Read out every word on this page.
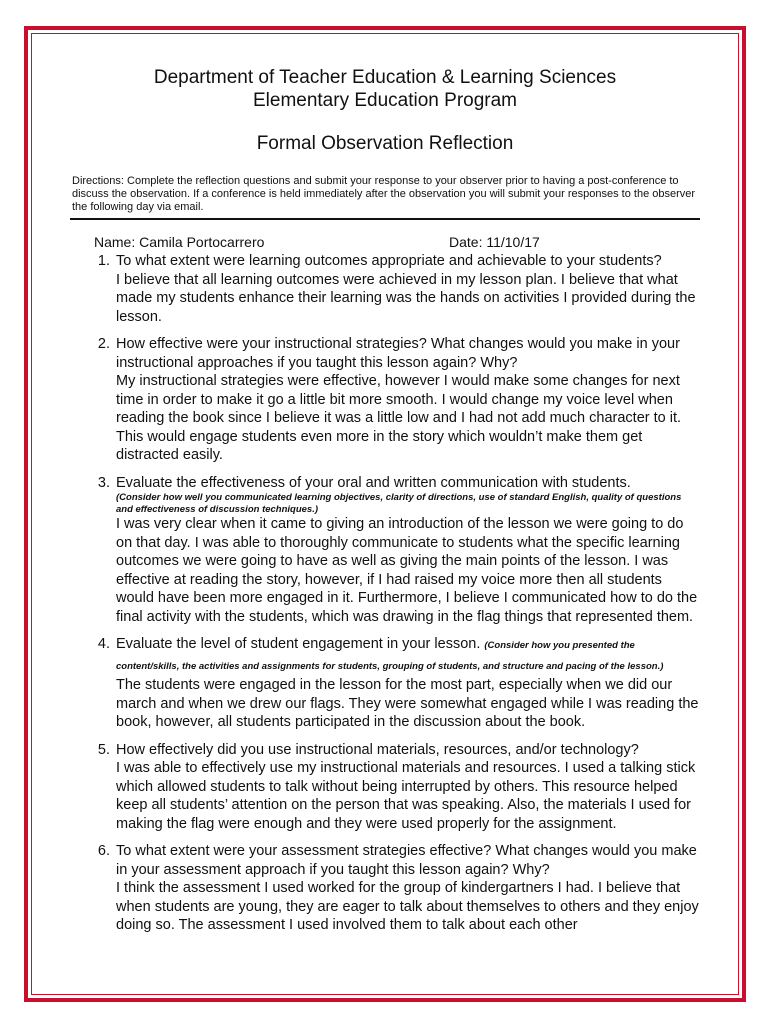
Department of Teacher Education & Learning Sciences
Elementary Education Program
Formal Observation Reflection
Directions: Complete the reflection questions and submit your response to your observer prior to having a post-conference to discuss the observation. If a conference is held immediately after the observation you will submit your responses to the observer the following day via email.
Name: Camila Portocarrero	Date: 11/10/17
1. To what extent were learning outcomes appropriate and achievable to your students?
I believe that all learning outcomes were achieved in my lesson plan. I believe that what made my students enhance their learning was the hands on activities I provided during the lesson.
2. How effective were your instructional strategies? What changes would you make in your instructional approaches if you taught this lesson again? Why?
My instructional strategies were effective, however I would make some changes for next time in order to make it go a little bit more smooth. I would change my voice level when reading the book since I believe it was a little low and I had not add much character to it. This would engage students even more in the story which wouldn’t make them get distracted easily.
3. Evaluate the effectiveness of your oral and written communication with students.
(Consider how well you communicated learning objectives, clarity of directions, use of standard English, quality of questions and effectiveness of discussion techniques.)
I was very clear when it came to giving an introduction of the lesson we were going to do on that day. I was able to thoroughly communicate to students what the specific learning outcomes we were going to have as well as giving the main points of the lesson. I was effective at reading the story, however, if I had raised my voice more then all students would have been more engaged in it. Furthermore, I believe I communicated how to do the final activity with the students, which was drawing in the flag things that represented them.
4. Evaluate the level of student engagement in your lesson. (Consider how you presented the content/skills, the activities and assignments for students, grouping of students, and structure and pacing of the lesson.)
The students were engaged in the lesson for the most part, especially when we did our march and when we drew our flags. They were somewhat engaged while I was reading the book, however, all students participated in the discussion about the book.
5. How effectively did you use instructional materials, resources, and/or technology?
I was able to effectively use my instructional materials and resources. I used a talking stick which allowed students to talk without being interrupted by others. This resource helped keep all students’ attention on the person that was speaking. Also, the materials I used for making the flag were enough and they were used properly for the assignment.
6. To what extent were your assessment strategies effective? What changes would you make in your assessment approach if you taught this lesson again? Why?
I think the assessment I used worked for the group of kindergartners I had. I believe that when students are young, they are eager to talk about themselves to others and they enjoy doing so. The assessment I used involved them to talk about each other
